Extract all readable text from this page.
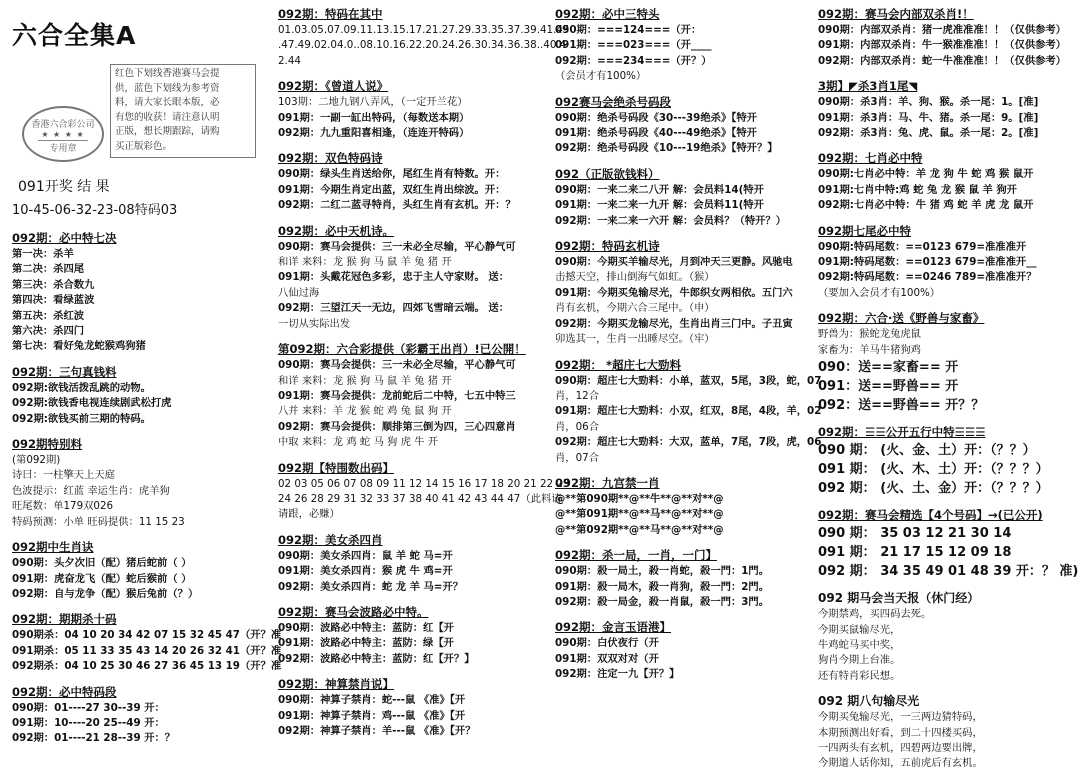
六合全集A
红色下划线香港赛马会提
供，蓝色下划线为参考资
料，请大家长眼本版，必
有您的收获！请注意认明
正版，想长期跟踪，请购
买正版彩色。
香港六合彩公司
★ ★ ★ ★
专用章
091开奖 结 果
10-45-06-32-23-08特码03
092期：必中特七决
第一决：杀羊
第二决：杀四尾
第三决：杀合数九
第四决：看绿蓝波
第五决：杀红波
第六决：杀四门
第七决：看好兔龙蛇猴鸡狗猪
092期：三句真钱料
092期:欲钱活拨乱跳的动物。
092期:欲钱香电视连续剧武松打虎
092期:欲钱买前三期的特码。
092期特别料
(第092期)
诗曰：一柱擎天上天庭
色波提示：红蓝 幸运生肖：虎羊狗
旺尾数：单179双026
特码预测：小单 旺码提供：11 15 23
092期中生肖诀
090期：头夕次旧（配）猪后蛇前（ ）
091期：虎奋龙飞（配）蛇后猴前（ ）
092期：自与龙争（配）猴后兔前（？）
092期：期期杀十码
090期杀：04 10 20 34 42 07 15 32 45 47（开？准
091期杀：05 11 33 35 43 14 20 26 32 41（开？准
092期杀：04 10 25 30 46 27 36 45 13 19（开？准
092期：必中特码段
090期：01----27 30--39 开：
091期：10----20 25--49 开：
092期：01----21 28--39 开：？
092期：特码在其中
01.03.05.07.09.11.13.15.17.21.27.29.33.35.37.39.41.45
.47.49.02.04.0..08.10.16.22.20.24.26.30.34.36.38..40.4
2.44
092期：《曾道人说》
103期：二地九钢八弄风，（一定开兰花）
091期：一副一缸出特码，（每数送本期）
092期：九九重阳喜相逢，（连连开特码）
092期：双色特码诗
090期：绿头生肖送给你，尾红生肖有特数。开：
091期：今期生肖定出蓝，双红生肖出综波。开：
092期：二红二蓝寻特肖，头红生肖有玄机。开：？
092期：必中天机诗。
090期：赛马会提供：三一未必全尽输，平心静气可
和详 来料：龙 猴 狗 马 鼠 羊 兔 猪 开
091期：头戴花冠色多彩，忠于主人守家财。 送：
八仙过海
092期：三望江天一无边，四郊飞雪暗云端。 送：
一切从实际出发
第092期：六合彩提供（彩霸王出肖）!已公開！
090期：赛马会提供：三一未必全尽输，平心静气可
和详 来料：龙 猴 狗 马 鼠 羊 兔 猪 开
091期：赛马会提供：龙前蛇后二中特，七五中特三
八并 来料：羊 龙 猴 蛇 鸡 兔 鼠 狗 开
092期：赛马会提供：顺排第三倒为四，三心四意肖
中取 来料：龙 鸡 蛇 马 狗 虎 牛 开
092期【特围数出码】
02 03 05 06 07 08 09 11 12 14 15 16 17 18 20 21 22 23
24 26 28 29 31 32 33 37 38 40 41 42 43 44 47（此料请
请跟，必赚）
092期：美女杀四肖
090期：美女杀四肖：鼠 羊 蛇 马=开
091期：美女杀四肖：猴 虎 牛 鸡=开
092期：美女杀四肖：蛇 龙 羊 马=开？
092期：赛马会波路必中特。
090期：波路必中特主：蓝防：红【开
091期：波路必中特主：蓝防：绿【开
092期：波路必中特主：蓝防：红【开？】
092期：神算禁肖说】
090期：神算子禁肖：蛇---鼠 《准》【开
091期：神算子禁肖：鸡---鼠 《准》【开
092期：神算子禁肖：羊---鼠 《准》【开？
092期：必中三特头
090期：===124===（开：
091期：===023===（开____
092期：===234===（开？）
（会员才有100%）
092赛马会绝杀号码段
090期：绝杀号码段《30---39绝杀》【特开
091期：绝杀号码段《40---49绝杀》【特开
092期：绝杀号码段《10---19绝杀》【特开？】
092（正版欲钱料）
090期：一来二来二八开 解：会员料14(特开
091期：一来二来一九开 解：会员料11(特开
092期：一来二来一六开 解：会员料？（特开？）
092期：特码玄机诗
090期：今期买羊输尽光，月到冲天三更静。风驰电
击撼天空，排山倒海气如虹。（猴）
091期：今期买兔输尽光，牛郎织女两相依。五门六
肖有玄机，今期六合三尾中。（申）
092期：今期买龙输尽光，生肖出肖三门中。子丑寅
卯选其一，生肖一出睡尽空。（牢）
092期： *超庄七大勁料
090期：超庄七大勁料：小单，蓝双，5尾，3段，蛇，07
肖，12合
091期：超庄七大勁料：小双，红双，8尾，4段，羊，02
肖，06合
092期：超庄七大勁料：大双，蓝单，7尾，7段，虎，06
肖，07合
092期：九宫禁一肖
@**第090期**@**牛**@**对**@
@**第091期**@**马**@**对**@
@**第092期**@**马**@**对**@
092期：杀一局，一肖，一门】
090期：殺一局土，殺一肖蛇，殺一門：1門。
091期：殺一局木，殺一肖狗，殺一門：2門。
092期：殺一局金，殺一肖鼠，殺一門：3門。
092期：金言玉语港】
090期：白伏夜行（开
091期：双双对对（开
092期：注定一九【开？】
092期：赛马会内部双杀肖!！
090期：内部双杀肖：猪一虎准准准！！（仅供参考）
091期：内部双杀肖：牛一猴准准准！！（仅供参考）
092期：内部双杀肖：蛇一牛准准准！！（仅供参考）
3期】◤杀3肖1尾◥
090期：杀3肖：羊、狗、猴。杀一尾：1。[准]
091期：杀3肖：马、牛、猪。杀一尾：9。[准]
092期：杀3肖：兔、虎、鼠。杀一尾：2。[准]
092期：七肖必中特
090期:七肖必中特：羊 龙 狗 牛 蛇 鸡 猴 鼠开
091期:七肖中特:鸡 蛇 兔 龙 猴 鼠 羊 狗开
092期:七肖必中特：牛 猪 鸡 蛇 羊 虎 龙 鼠开
092期七尾必中特
090期:特码尾数：==0123 679=准准准开
091期:特码尾数：==0123 679=准准准开__
092期:特码尾数：==0246 789=准准准开？
（要加入会员才有100%）
092期：六合·送《野兽与家畜》
野兽为：猴蛇龙兔虎鼠
家畜为：羊马牛猪狗鸡
090：送==家畜== 开
091：送==野兽== 开
092：送==野兽== 开？？
092期：☰☰公开五行中特☰☰☰
090 期： (火、金、土）开：（？？）
091 期： (火、木、土）开：（？？？）
092 期： (火、土、金）开：（？？？）
092期：赛马会精选【4个号码】→(已公开)
090 期： 35 03 12 21 30 14
091 期： 21 17 15 12 09 18
092 期： 34 35 49 01 48 39 开：？ 准)
092 期马会当天报（休门经）
今期禁鸡，买四码去死。
今期买鼠输尽光，
牛鸡蛇马买中奖，
狗肖今期上台准。
还有特肖彩民想。
092 期八句输尽光
今期买兔输尽光，一三两边猜特码，
本期预测出好看，到二十四楼买码，
一四两头有玄机，四碧两边要出牌，
今期道人话你知，五前虎后有玄机。
